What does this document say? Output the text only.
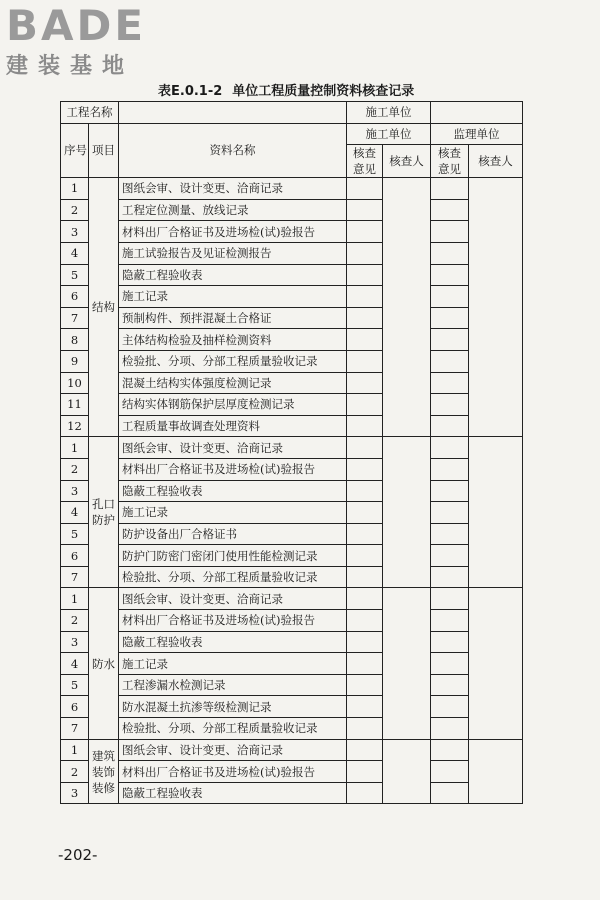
BADE
建装基地
表E.0.1-2 单位工程质量控制资料核查记录
工程名称			施工单位			
序号	项目	资料名称	施工单位		监理单位	
			核查意见	核查人	核查意见	核查人
1	结构	图纸会审、设计变更、洽商记录				
2		工程定位测量、放线记录				
3		材料出厂合格证书及进场检(试)验报告				
4		施工试验报告及见证检测报告				
5		隐蔽工程验收表				
6		施工记录				
7		预制构件、预拌混凝土合格证				
8		主体结构检验及抽样检测资料				
9		检验批、分项、分部工程质量验收记录				
10		混凝土结构实体强度检测记录				
11		结构实体钢筋保护层厚度检测记录				
12		工程质量事故调查处理资料				
1	孔口防护	图纸会审、设计变更、洽商记录				
2		材料出厂合格证书及进场检(试)验报告				
3		隐蔽工程验收表				
4		施工记录				
5		防护设备出厂合格证书				
6		防护门防密门密闭门使用性能检测记录				
7		检验批、分项、分部工程质量验收记录				
1	防水	图纸会审、设计变更、洽商记录				
2		材料出厂合格证书及进场检(试)验报告				
3		隐蔽工程验收表				
4		施工记录				
5		工程渗漏水检测记录				
6		防水混凝土抗渗等级检测记录				
7		检验批、分项、分部工程质量验收记录				
1	建筑装饰装修	图纸会审、设计变更、洽商记录				
2		材料出厂合格证书及进场检(试)验报告				
3		隐蔽工程验收表				
-202-
